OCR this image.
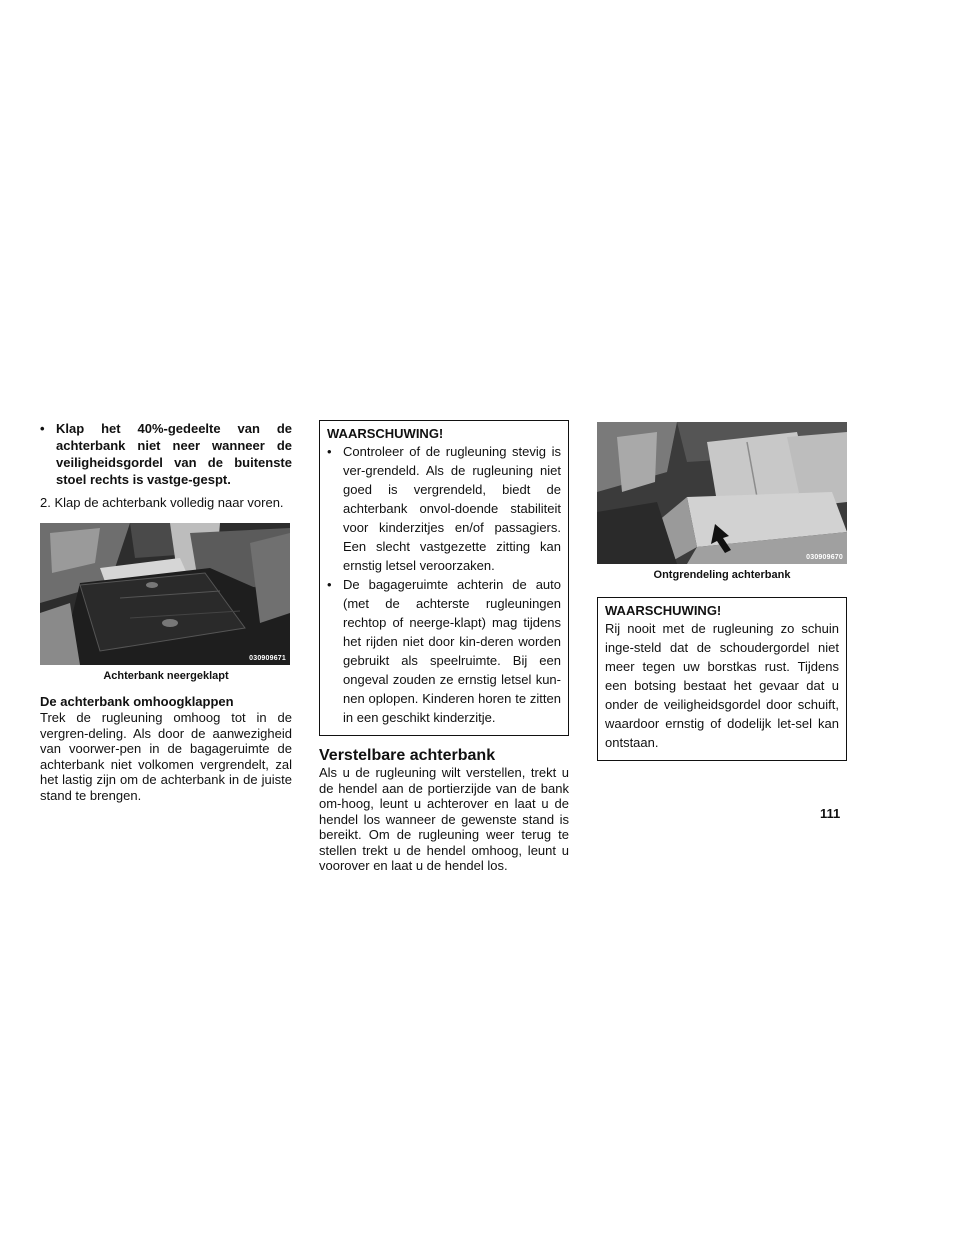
• Klap het 40%-gedeelte van de achterbank niet neer wanneer de veiligheidsgordel van de buitenste stoel rechts is vastge-gespt.
2. Klap de achterbank volledig naar voren.
030909671
Achterbank neergeklapt
De achterbank omhoogklappen
Trek de rugleuning omhoog tot in de vergren-deling. Als door de aanwezigheid van voorwer-pen in de bagageruimte de achterbank niet volkomen vergrendelt, zal het lastig zijn om de achterbank in de juiste stand te brengen.
WAARSCHUWING!
• Controleer of de rugleuning stevig is ver-grendeld. Als de rugleuning niet goed is vergrendeld, biedt de achterbank onvol-doende stabiliteit voor kinderzitjes en/of passagiers. Een slecht vastgezette zitting kan ernstig letsel veroorzaken.
• De bagageruimte achterin de auto (met de achterste rugleuningen rechtop of neerge-klapt) mag tijdens het rijden niet door kin-deren worden gebruikt als speelruimte. Bij een ongeval zouden ze ernstig letsel kun-nen oplopen. Kinderen horen te zitten in een geschikt kinderzitje.
Verstelbare achterbank
Als u de rugleuning wilt verstellen, trekt u de hendel aan de portierzijde van de bank om-hoog, leunt u achterover en laat u de hendel los wanneer de gewenste stand is bereikt. Om de rugleuning weer terug te stellen trekt u de hendel omhoog, leunt u voorover en laat u de hendel los.
030909670
Ontgrendeling achterbank
WAARSCHUWING!
Rij nooit met de rugleuning zo schuin inge-steld dat de schoudergordel niet meer tegen uw borstkas rust. Tijdens een botsing bestaat het gevaar dat u onder de veiligheidsgordel door schuift, waardoor ernstig of dodelijk let-sel kan ontstaan.
111
